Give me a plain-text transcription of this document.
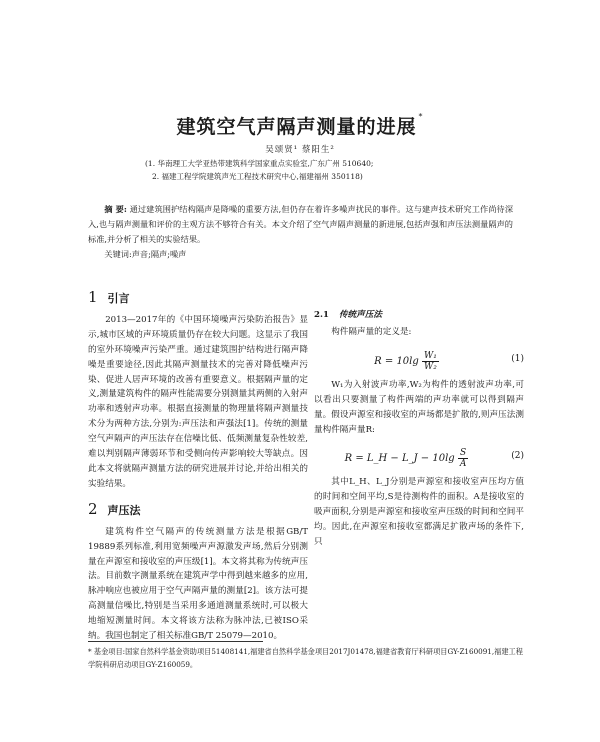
建筑空气声隔声测量的进展 *
吴颂贤¹ 蔡阳生²
(1. 华南理工大学亚热带建筑科学国家重点实验室,广东广州 510640;
2. 福建工程学院建筑声光工程技术研究中心,福建福州 350118)

摘 要: 通过建筑围护结构隔声是降噪的重要方法,但仍存在着许多噪声扰民的事件。这与建声技术研究工作尚待深入,也与隔声测量和评价的主观方法不够符合有关。本文介绍了空气声隔声测量的新进展,包括声强和声压法测量隔声的标准,并分析了相关的实验结果。

关键词:声音;隔声;噪声
1 引言

2013—2017年的《中国环境噪声污染防治报告》显示,城市区域的声环境质量仍存在较大问题。这显示了我国的室外环境噪声污染严重。通过建筑围护结构进行隔声降噪是重要途径,因此其隔声测量技术的完善对降低噪声污染、促进人居声环境的改善有重要意义。根据隔声量的定义,测量建筑构件的隔声性能需要分别测量其两侧的入射声功率和透射声功率。根据直接测量的物理量将隔声测量技术分为两种方法,分别为:声压法和声强法[1]。传统的测量空气声隔声的声压法存在信噪比低、低频测量复杂性较差,难以判别隔声薄弱环节和受侧向传声影响较大等缺点。因此本文将就隔声测量方法的研究进展并讨论,并给出相关的实验结果。

2 声压法

建筑构件空气隔声的传统测量方法是根据GB/T 19889系列标准,利用宽频噪声声源激发声场,然后分别测量在声源室和接收室的声压级[1]。本文将其称为传统声压法。目前数字测量系统在建筑声学中得到越来越多的应用,脉冲响应也被应用于空气声隔声量的测量[2]。该方法可提高测量信噪比,特别是当采用多通道测量系统时,可以极大地缩短测量时间。本文将该方法称为脉冲法,已被ISO采纳。我国也制定了相关标准GB/T 25079—2010。

2.1 传统声压法

构件隔声量的定义是:

$R = 10\lg \frac{\text{W₁}}{\text{W₂}}$	(1)

W₁为入射波声功率,W₂为构件的透射波声功率,可以看出只要测量了构件两端的声功率就可以得到隔声量。假设声源室和接收室的声场都是扩散的,则声压法测量构件隔声量R:

R = L_H − L_J − $10\lg \frac{S}{A}$	(2)

其中L_H、L_J分别是声源室和接收室声压均方值的时间和空间平均,S是待测构件的面积。A是接收室的吸声面积,分别是声源室和接收室声压级的时间和空间平均。因此,在声源室和接收室都满足扩散声场的条件下,只

* 基金项目:国家自然科学基金资助项目51408141,福建省自然科学基金项目2017J01478,福建省教育厅科研项目GY-Z160091,福建工程学院科研启动项目GY-Z160059。
